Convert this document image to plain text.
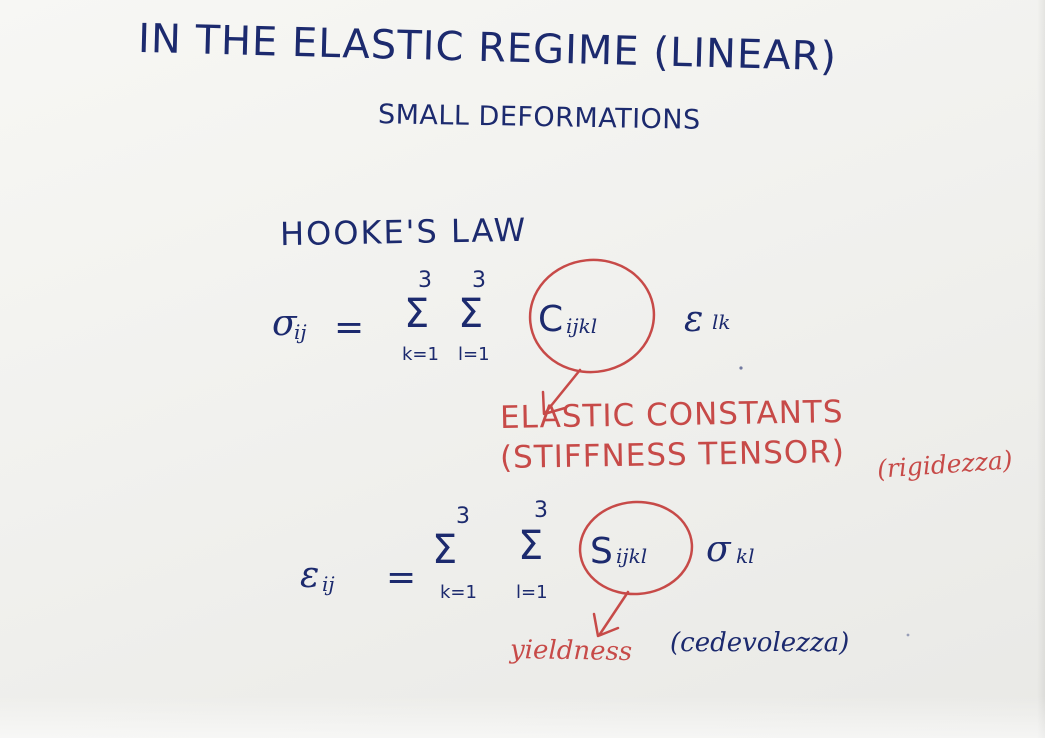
IN THE ELASTIC REGIME (LINEAR)
SMALL DEFORMATIONS
HOOKE'S LAW
σ
ij =
3
Σ
k=1
3
Σ
l=1
C ijkl ε lk
ELASTIC CONSTANTS
(STIFFNESS TENSOR) (rigidezza)
ε ij =
3
Σ
k=1
3
Σ
l=1
S ijkl σ kl
yieldness (cedevolezza)
